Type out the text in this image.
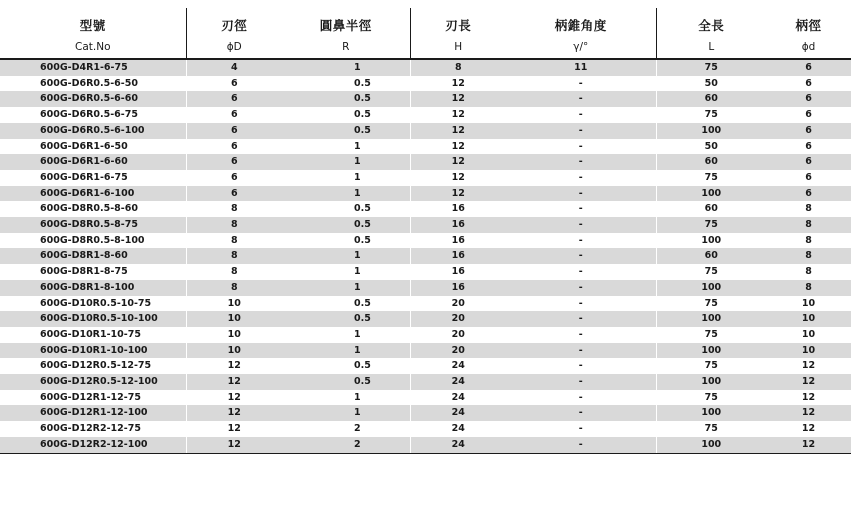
型號	刃徑	圓鼻半徑	刃長	柄錐角度	全長	柄徑
Cat.No	ϕD	R	H	γ/°	L	ϕd
600G-D4R1-6-75	4	1	8	11	75	6
600G-D6R0.5-6-50	6	0.5	12	-	50	6
600G-D6R0.5-6-60	6	0.5	12	-	60	6
600G-D6R0.5-6-75	6	0.5	12	-	75	6
600G-D6R0.5-6-100	6	0.5	12	-	100	6
600G-D6R1-6-50	6	1	12	-	50	6
600G-D6R1-6-60	6	1	12	-	60	6
600G-D6R1-6-75	6	1	12	-	75	6
600G-D6R1-6-100	6	1	12	-	100	6
600G-D8R0.5-8-60	8	0.5	16	-	60	8
600G-D8R0.5-8-75	8	0.5	16	-	75	8
600G-D8R0.5-8-100	8	0.5	16	-	100	8
600G-D8R1-8-60	8	1	16	-	60	8
600G-D8R1-8-75	8	1	16	-	75	8
600G-D8R1-8-100	8	1	16	-	100	8
600G-D10R0.5-10-75	10	0.5	20	-	75	10
600G-D10R0.5-10-100	10	0.5	20	-	100	10
600G-D10R1-10-75	10	1	20	-	75	10
600G-D10R1-10-100	10	1	20	-	100	10
600G-D12R0.5-12-75	12	0.5	24	-	75	12
600G-D12R0.5-12-100	12	0.5	24	-	100	12
600G-D12R1-12-75	12	1	24	-	75	12
600G-D12R1-12-100	12	1	24	-	100	12
600G-D12R2-12-75	12	2	24	-	75	12
600G-D12R2-12-100	12	2	24	-	100	12
